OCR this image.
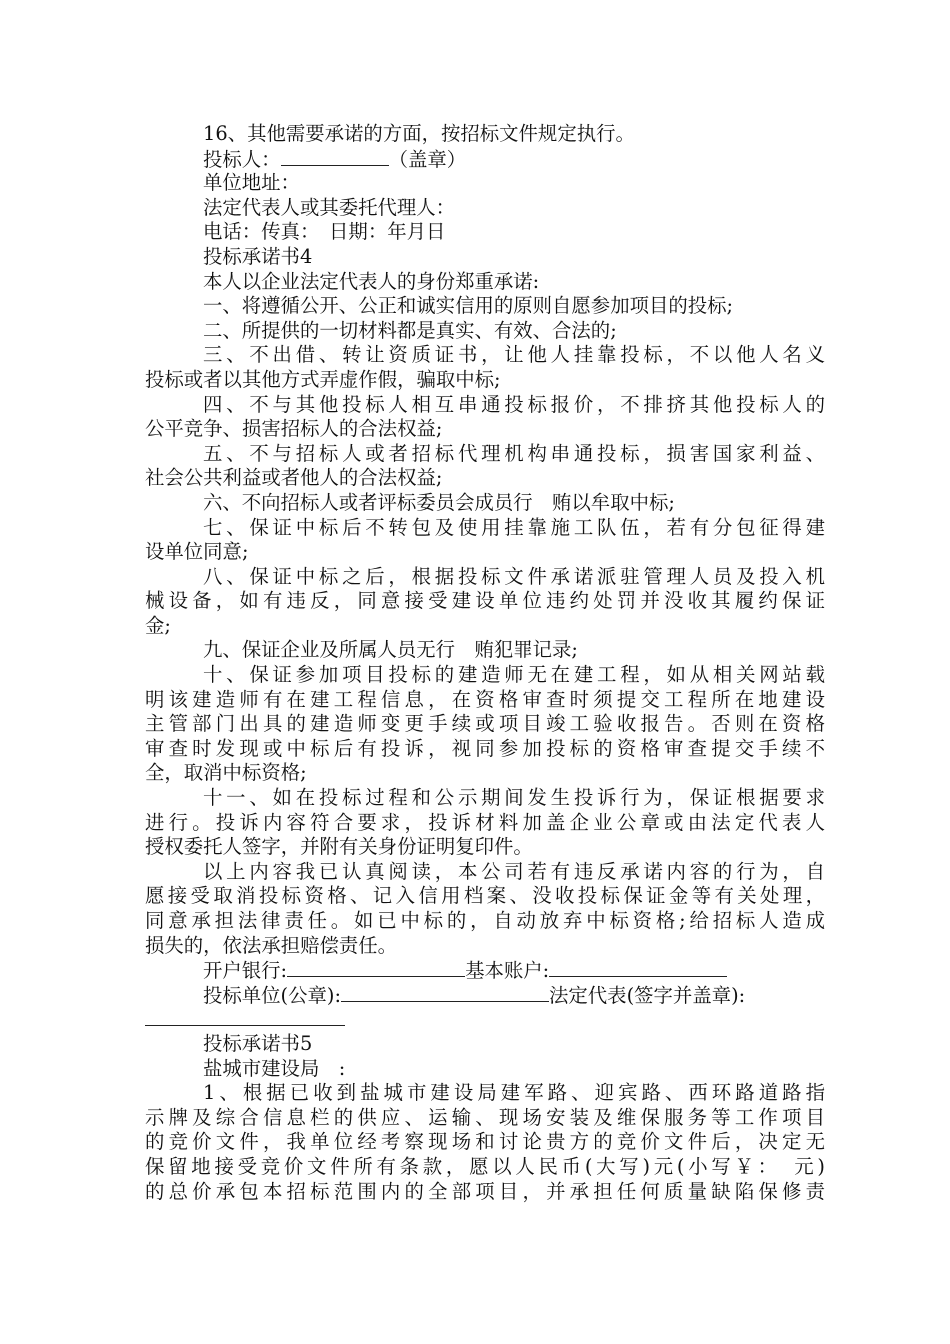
16、其他需要承诺的方面，按招标文件规定执行。
投标人：	（盖章）
单位地址：
法定代表人或其委托代理人：
电话：传真：　日期：年月日
投标承诺书4
本人以企业法定代表人的身份郑重承诺:
一、将遵循公开、公正和诚实信用的原则自愿参加项目的投标;
二、所提供的一切材料都是真实、有效、合法的;
三、不出借、转让资质证书，让他人挂靠投标，不以他人名义
投标或者以其他方式弄虚作假，骗取中标;
四、不与其他投标人相互串通投标报价，不排挤其他投标人的
公平竞争、损害招标人的合法权益;
五、不与招标人或者招标代理机构串通投标，损害国家利益、
社会公共利益或者他人的合法权益;
六、不向招标人或者评标委员会成员行　贿以牟取中标;
七、保证中标后不转包及使用挂靠施工队伍，若有分包征得建
设单位同意;
八、保证中标之后，根据投标文件承诺派驻管理人员及投入机
械设备，如有违反，同意接受建设单位违约处罚并没收其履约保证
金;
九、保证企业及所属人员无行　贿犯罪记录;
十、保证参加项目投标的建造师无在建工程，如从相关网站载
明该建造师有在建工程信息，在资格审查时须提交工程所在地建设
主管部门出具的建造师变更手续或项目竣工验收报告。否则在资格
审查时发现或中标后有投诉，视同参加投标的资格审查提交手续不
全，取消中标资格;
十一、如在投标过程和公示期间发生投诉行为，保证根据要求
进行。投诉内容符合要求，投诉材料加盖企业公章或由法定代表人
授权委托人签字，并附有关身份证明复印件。
以上内容我已认真阅读，本公司若有违反承诺内容的行为，自
愿接受取消投标资格、记入信用档案、没收投标保证金等有关处理，
同意承担法律责任。如已中标的，自动放弃中标资格;给招标人造成
损失的，依法承担赔偿责任。
开户银行:	基本账户:
投标单位(公章):	法定代表(签字并盖章):
投标承诺书5
盐城市建设局　:
1、根据已收到盐城市建设局建军路、迎宾路、西环路道路指
示牌及综合信息栏的供应、运输、现场安装及维保服务等工作项目
的竞价文件，我单位经考察现场和讨论贵方的竞价文件后，决定无
保留地接受竞价文件所有条款，愿以人民币(大写)元(小写￥：　元)
的总价承包本招标范围内的全部项目，并承担任何质量缺陷保修责
